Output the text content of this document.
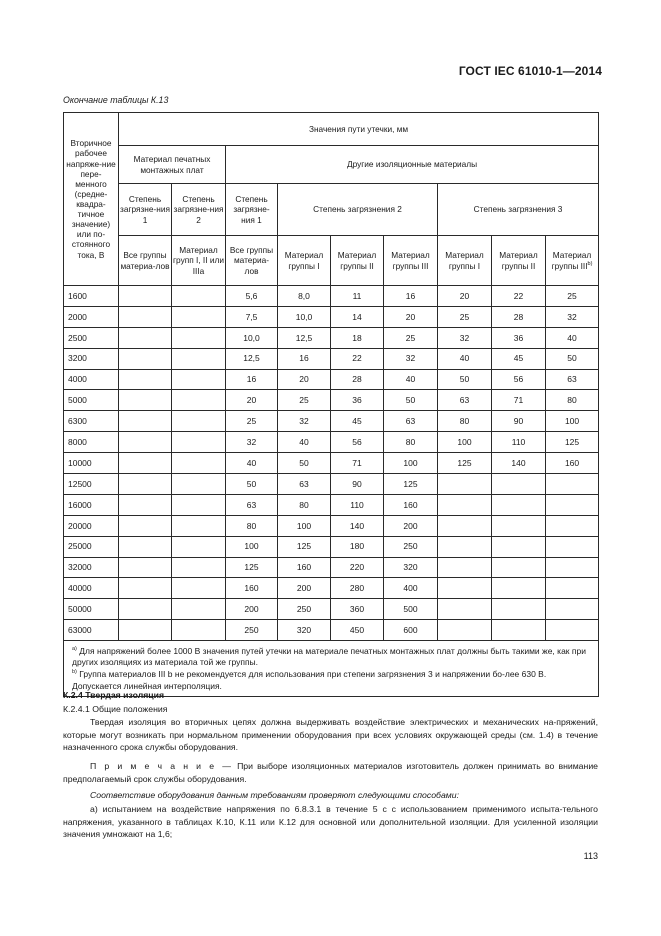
ГОСТ IEC 61010-1—2014
Окончание таблицы К.13
Вторичное рабочее напряже-ние пере-менного (средне-квадра-тичное значение) или по-стоянного тока, В	Значения пути утечки, мм								
	Материал печатных монтажных плат		Другие изоляционные материалы						
	Степень загрязне-ния 1	Степень загрязне-ния 2	Степень загрязне-ния 1	Степень загрязнения 2			Степень загрязнения 3		
	Все группы материа-лов	Материал групп I, II или IIIa	Все группы материа-лов	Материал группы I	Материал группы II	Материал группы III	Материал группы I	Материал группы II	Материал группы III$^{b)}$

1600			5,6	8,0	11	16	20	22	25
2000			7,5	10,0	14	20	25	28	32
2500			10,0	12,5	18	25	32	36	40
3200			12,5	16	22	32	40	45	50
4000			16	20	28	40	50	56	63
5000			20	25	36	50	63	71	80
6300			25	32	45	63	80	90	100
8000			32	40	56	80	100	110	125
10000			40	50	71	100	125	140	160
12500			50	63	90	125			
16000			63	80	110	160			
20000			80	100	140	200			
25000			100	125	180	250			
32000			125	160	220	320			
40000			160	200	280	400			
50000			200	250	360	500			
63000			250	320	450	600			

$^{а)}$ Для напряжений более 1000 В значения путей утечки на материале печатных монтажных плат должны быть такими же, как при других изоляциях из материала той же группы.
$^{b)}$ Группа материалов III b не рекомендуется для использования при степени загрязнения 3 и напряжении бо-лее 630 В.
Допускается линейная интерполяция.									
К.2.4 Твердая изоляция
К.2.4.1 Общие положения
Твердая изоляция во вторичных цепях должна выдерживать воздействие электрических и механических на-пряжений, которые могут возникать при нормальном применении оборудования при всех условиях окружающей среды (см. 1.4) в течение назначенного срока службы оборудования.
П р и м е ч а н и е — При выборе изоляционных материалов изготовитель должен принимать во внимание предполагаемый срок службы оборудования.
Соответствие оборудования данным требованиям проверяют следующими способами:
а) испытанием на воздействие напряжения по 6.8.3.1 в течение 5 с с использованием применимого испыта-тельного напряжения, указанного в таблицах К.10, К.11 или К.12 для основной или дополнительной изоляции. Для усиленной изоляции значения умножают на 1,6;
113
